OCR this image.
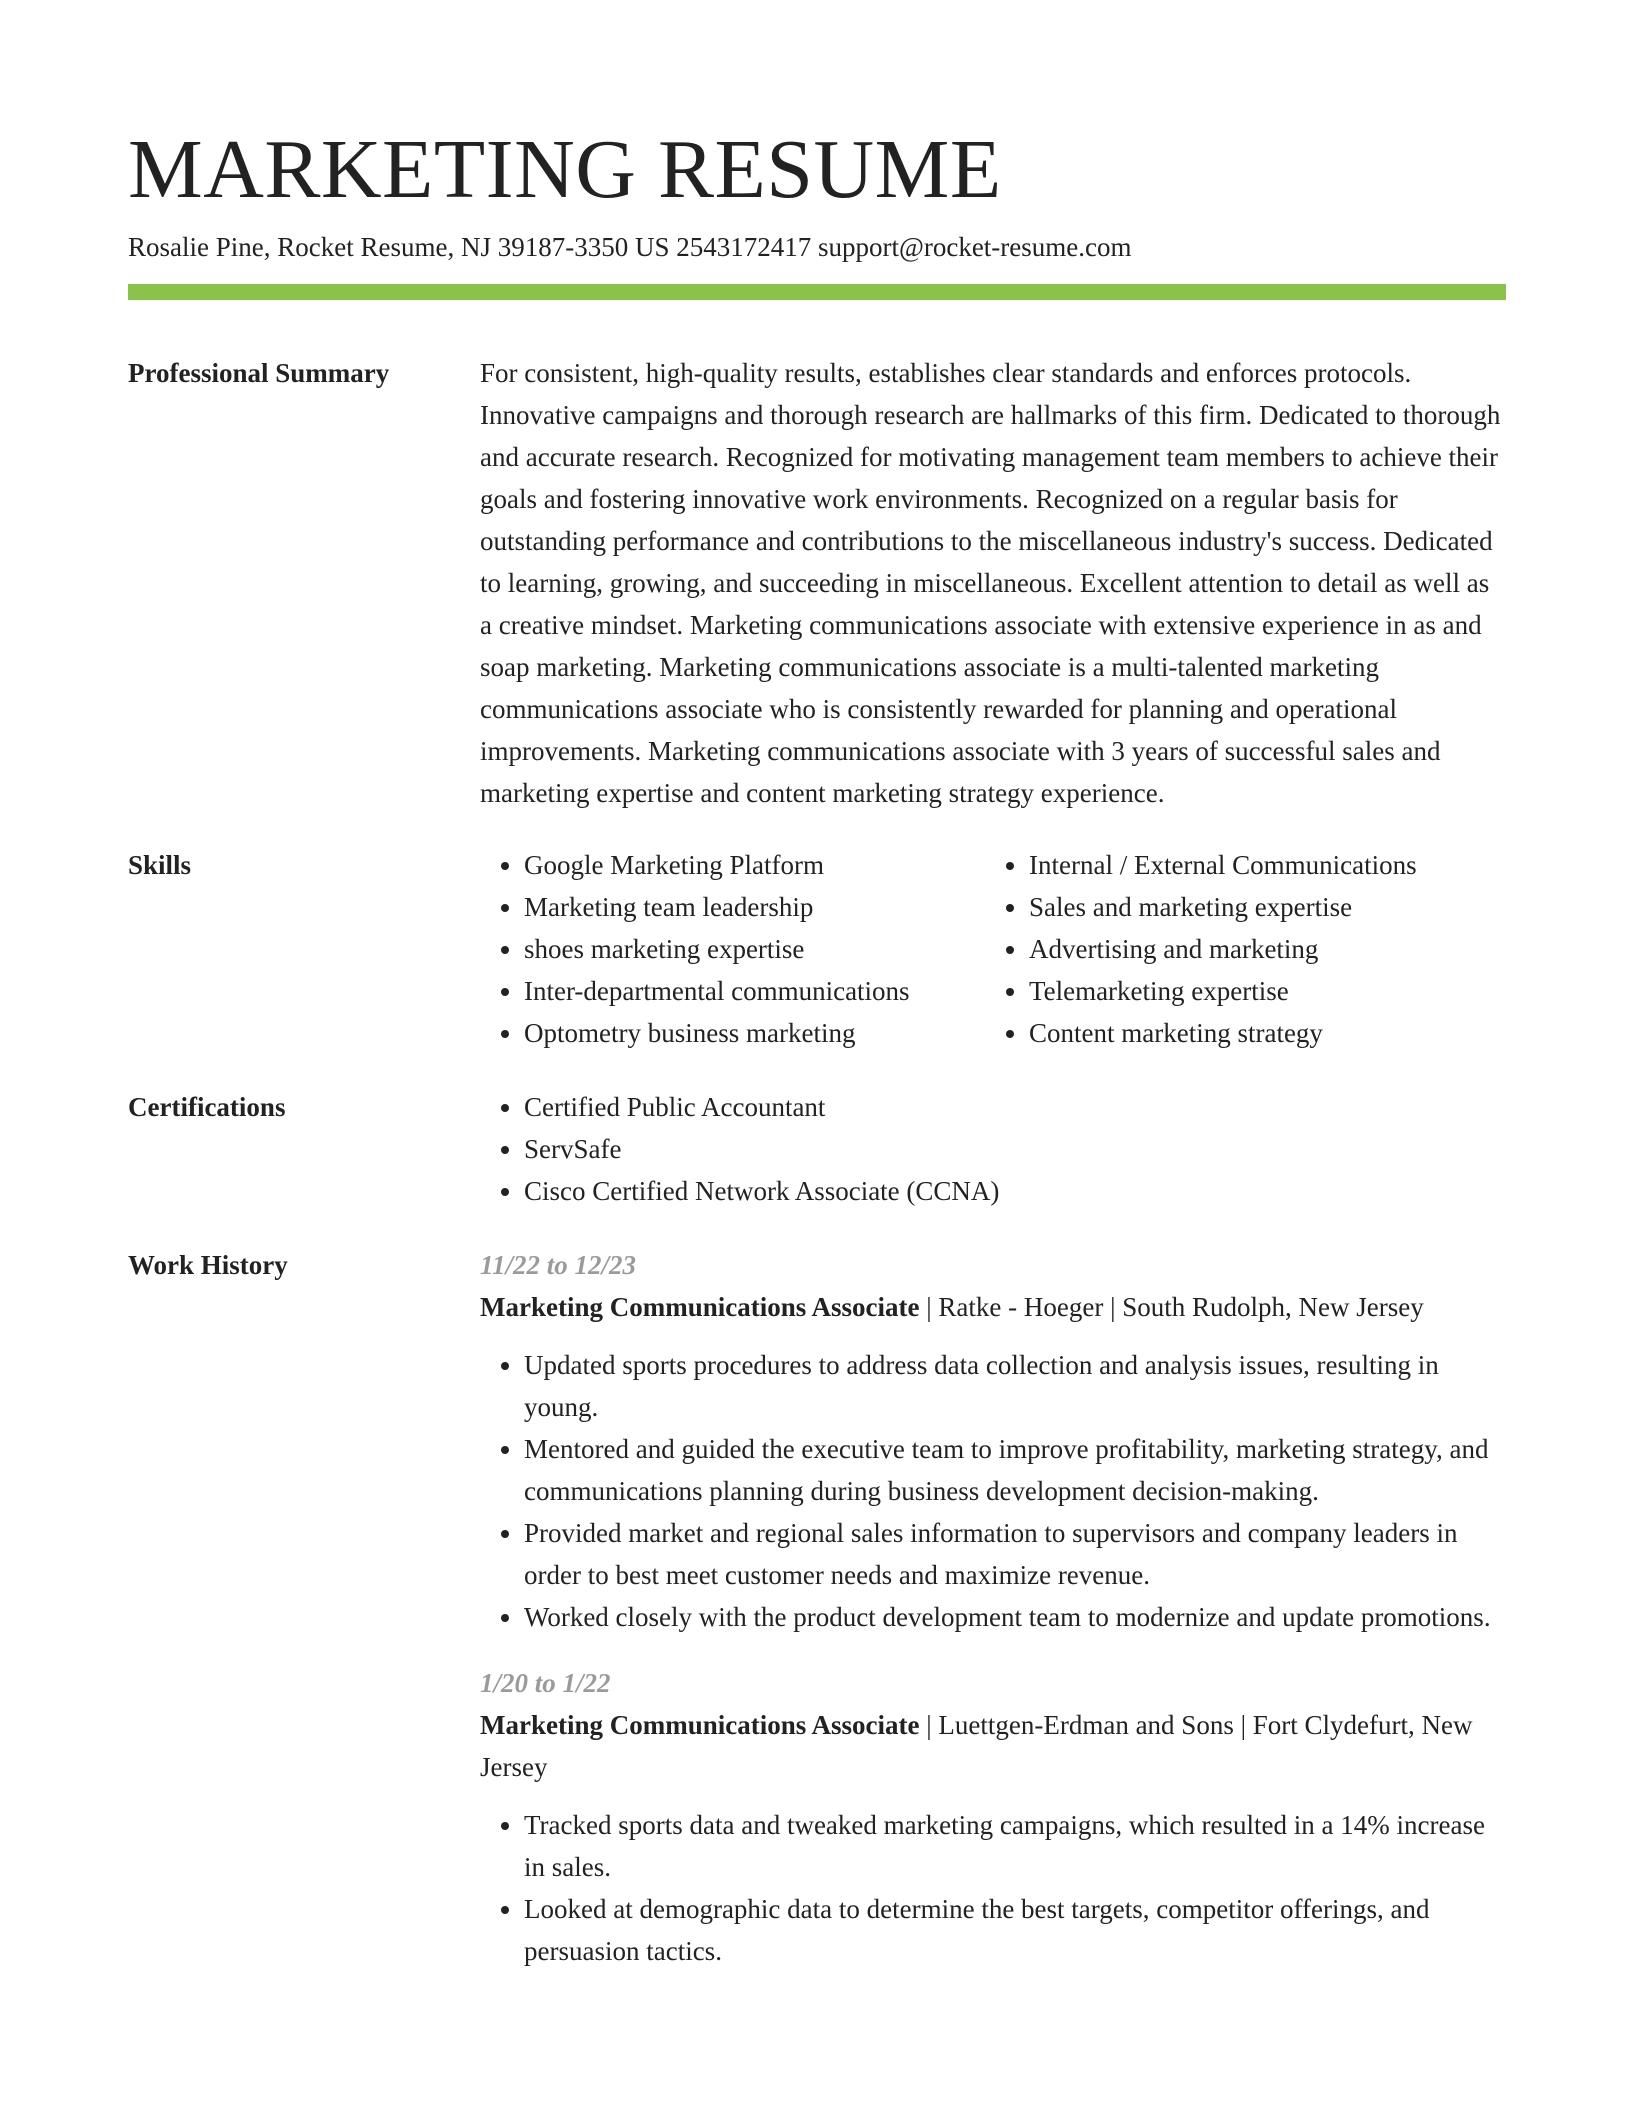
MARKETING RESUME
Rosalie Pine, Rocket Resume, NJ 39187-3350 US 2543172417 support@rocket-resume.com
Professional Summary	For consistent, high-quality results, establishes clear standards and enforces protocols. Innovative campaigns and thorough research are hallmarks of this firm. Dedicated to thorough and accurate research. Recognized for motivating management team members to achieve their goals and fostering innovative work environments. Recognized on a regular basis for outstanding performance and contributions to the miscellaneous industry's success. Dedicated to learning, growing, and succeeding in miscellaneous. Excellent attention to detail as well as a creative mindset. Marketing communications associate with extensive experience in as and soap marketing. Marketing communications associate is a multi-talented marketing communications associate who is consistently rewarded for planning and operational improvements. Marketing communications associate with 3 years of successful sales and marketing expertise and content marketing strategy experience.

Skills	• Google Marketing Platform
• Marketing team leadership
• shoes marketing expertise
• Inter-departmental communications
• Optometry business marketing
• Internal / External Communications
• Sales and marketing expertise
• Advertising and marketing
• Telemarketing expertise
• Content marketing strategy
Certifications	• Certified Public Accountant
• ServSafe
• Cisco Certified Network Associate (CCNA)
Work History	11/22 to 12/23
Marketing Communications Associate | Ratke - Hoeger | South Rudolph, New Jersey
• Updated sports procedures to address data collection and analysis issues, resulting in young.
• Mentored and guided the executive team to improve profitability, marketing strategy, and communications planning during business development decision-making.
• Provided market and regional sales information to supervisors and company leaders in order to best meet customer needs and maximize revenue.
• Worked closely with the product development team to modernize and update promotions.
1/20 to 1/22
Marketing Communications Associate | Luettgen-Erdman and Sons | Fort Clydefurt, New Jersey
• Tracked sports data and tweaked marketing campaigns, which resulted in a 14% increase in sales.
• Looked at demographic data to determine the best targets, competitor offerings, and persuasion tactics.
